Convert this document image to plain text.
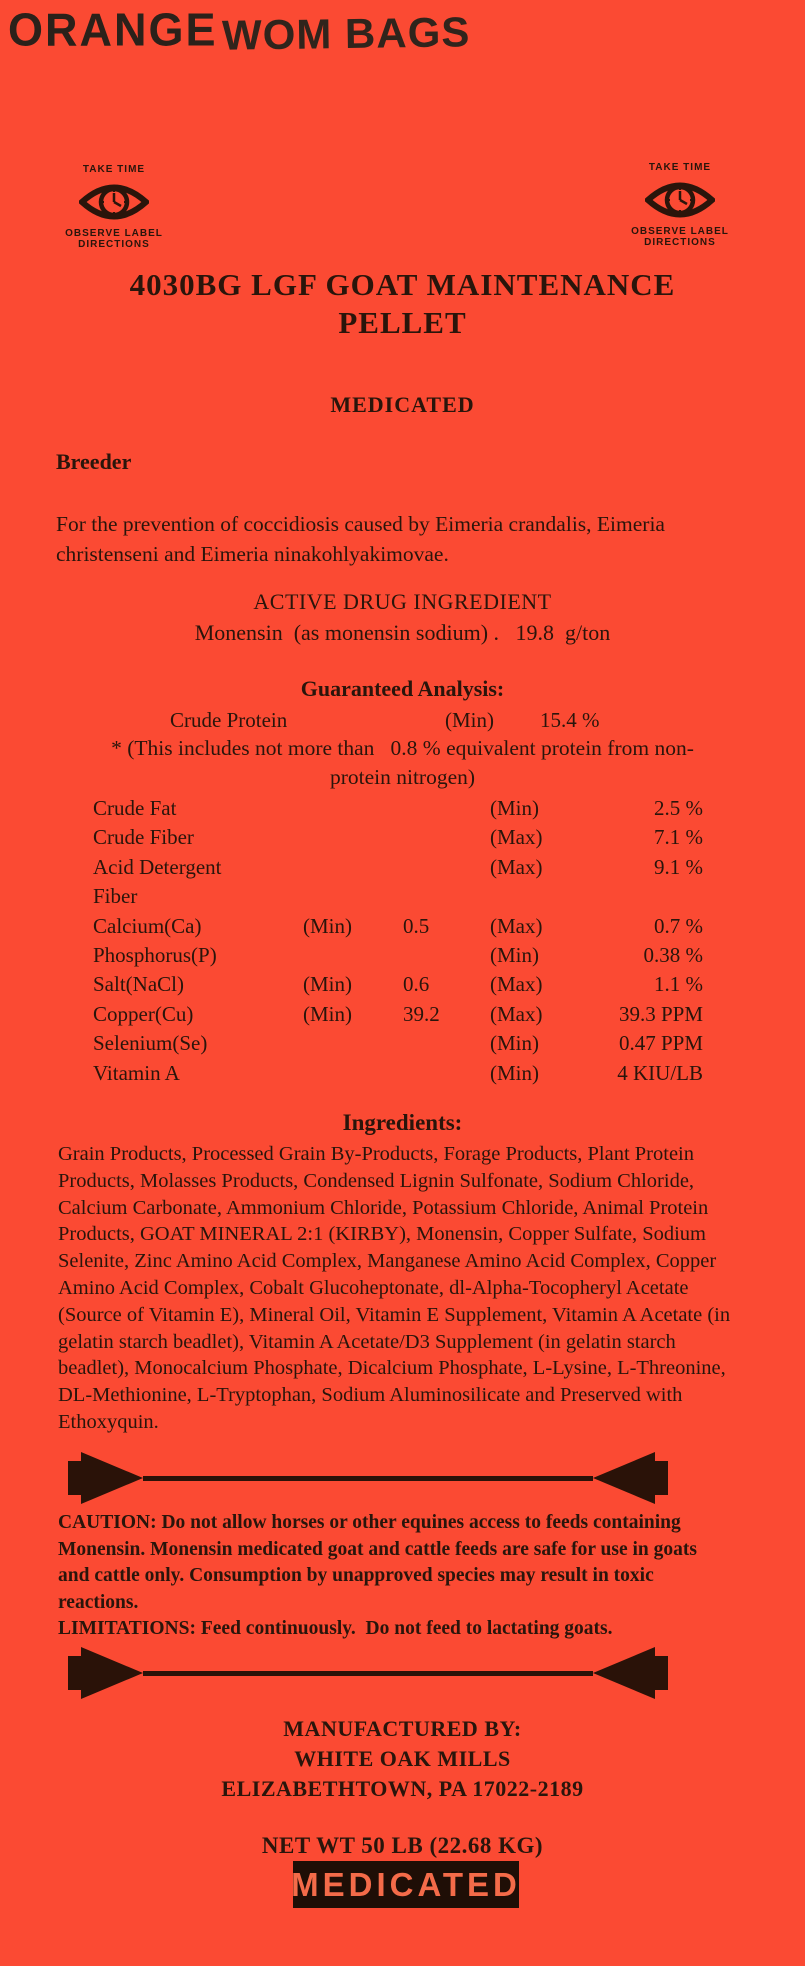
ORANGE WOM BAGS
TAKE TIME
OBSERVE LABEL
DIRECTIONS
TAKE TIME
OBSERVE LABEL
DIRECTIONS
4030BG LGF GOAT MAINTENANCE
PELLET
MEDICATED
Breeder
For the prevention of coccidiosis caused by Eimeria crandalis, Eimeria christenseni and Eimeria ninakohlyakimovae.
ACTIVE DRUG INGREDIENT
Monensin  (as monensin sodium) .   19.8  g/ton
Guaranteed Analysis:
Crude Protein	(Min) 15.4 %
* (This includes not more than   0.8 % equivalent protein from non-
protein nitrogen)
Crude Fat	(Min)	2.5 %
Crude Fiber	(Max)	7.1 %
Acid Detergent	(Max)	9.1 %
Fiber
Calcium(Ca)	(Min)	0.5	(Max)	0.7 %
Phosphorus(P)	(Min)	0.38 %
Salt(NaCl)	(Min)	0.6	(Max)	1.1 %
Copper(Cu)	(Min)	39.2	(Max)	39.3 PPM
Selenium(Se)	(Min)	0.47 PPM
Vitamin A	(Min)	4 KIU/LB
Ingredients:
Grain Products, Processed Grain By-Products, Forage Products, Plant Protein Products, Molasses Products, Condensed Lignin Sulfonate, Sodium Chloride, Calcium Carbonate, Ammonium Chloride, Potassium Chloride, Animal Protein Products, GOAT MINERAL 2:1 (KIRBY), Monensin, Copper Sulfate, Sodium Selenite, Zinc Amino Acid Complex, Manganese Amino Acid Complex, Copper Amino Acid Complex, Cobalt Glucoheptonate, dl-Alpha-Tocopheryl Acetate (Source of Vitamin E), Mineral Oil, Vitamin E Supplement, Vitamin A Acetate (in gelatin starch beadlet), Vitamin A Acetate/D3 Supplement (in gelatin starch beadlet), Monocalcium Phosphate, Dicalcium Phosphate, L-Lysine, L-Threonine, DL-Methionine, L-Tryptophan, Sodium Aluminosilicate and Preserved with Ethoxyquin.

CAUTION: Do not allow horses or other equines access to feeds containing Monensin. Monensin medicated goat and cattle feeds are safe for use in goats and cattle only. Consumption by unapproved species may result in toxic reactions.

LIMITATIONS: Feed continuously.  Do not feed to lactating goats.

MANUFACTURED BY:
WHITE OAK MILLS
ELIZABETHTOWN, PA 17022-2189
NET WT 50 LB (22.68 KG)
MEDICATED
